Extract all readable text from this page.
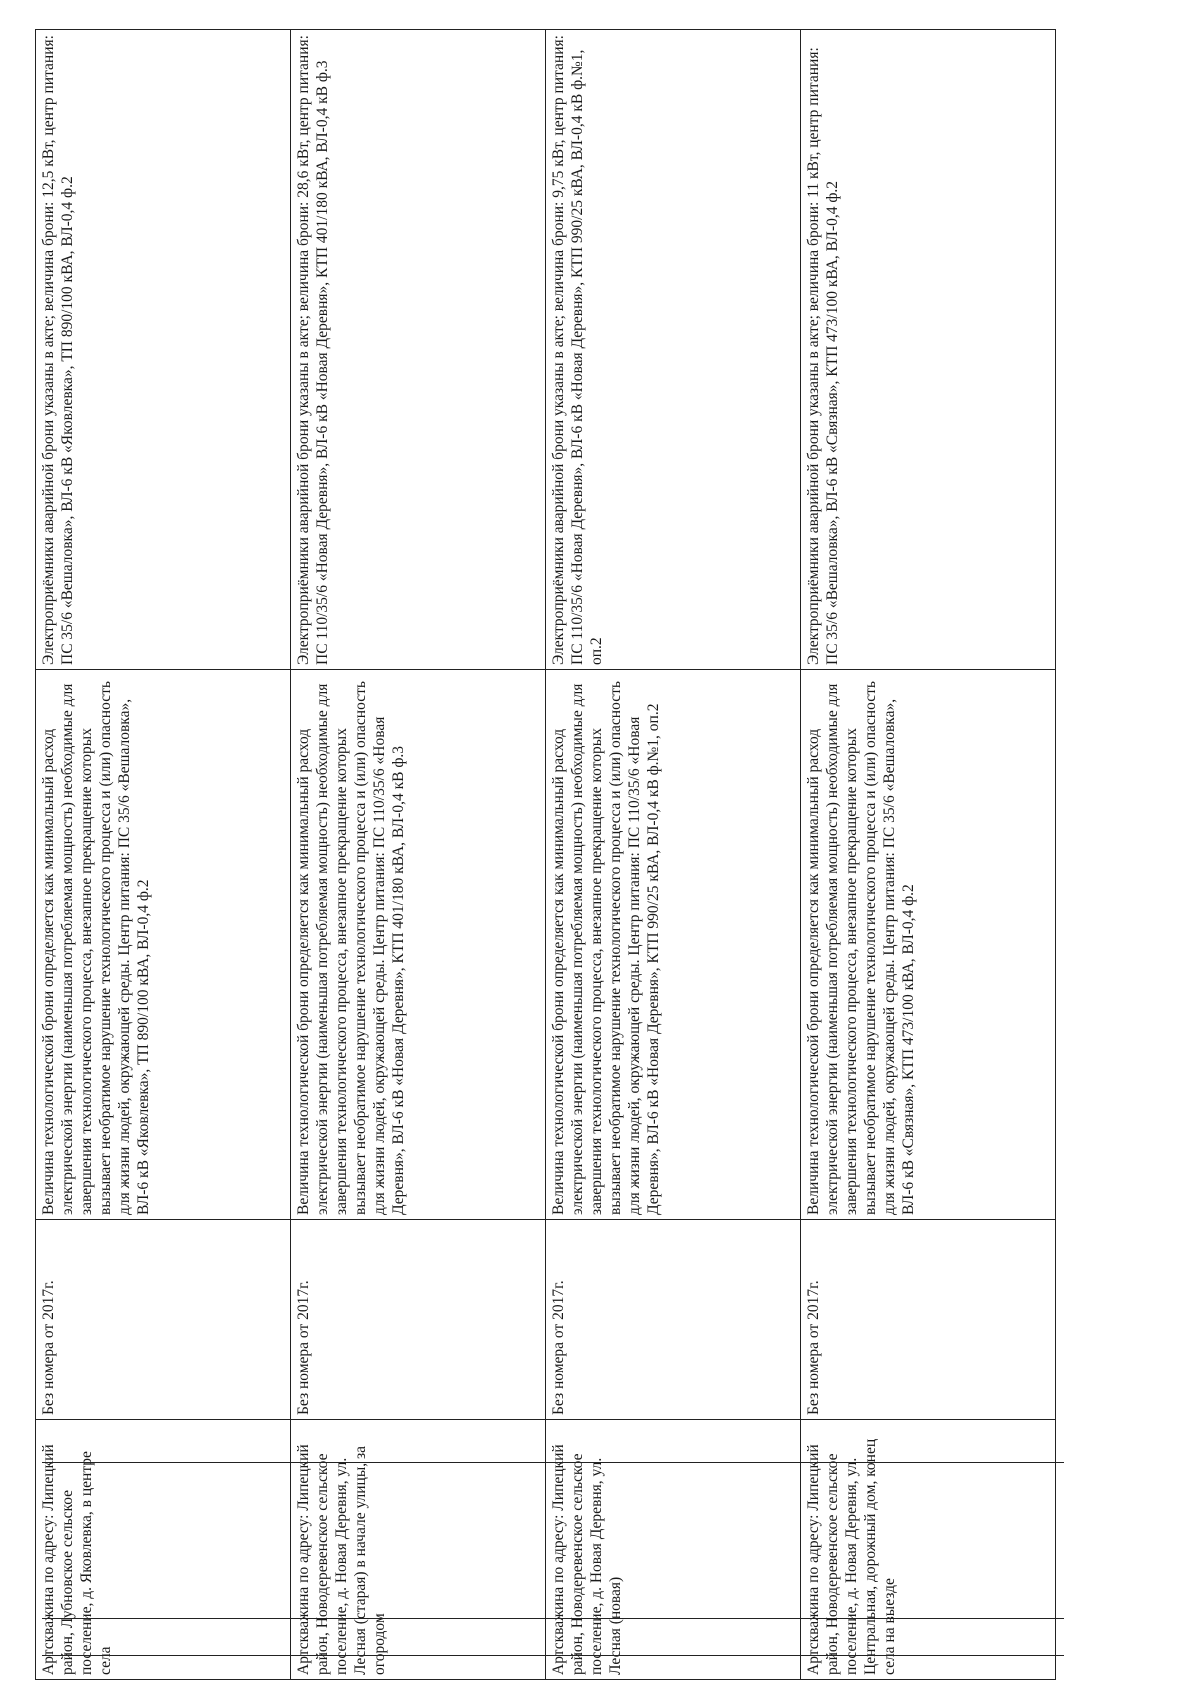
Артскважина по адресу: Липецкий район, Лубновское сельское поселение, д. Яковлевка, в центре села	Без номера от 2017г.	Величина технологической брони определяется как минимальный расход электрической энергии (наименьшая потребляемая мощность) необходимые для завершения технологического процесса, внезапное прекращение которых вызывает необратимое нарушение технологического процесса и (или) опасность для жизни людей, окружающей среды. Центр питания: ПС 35/6 «Вешаловка», ВЛ-6 кВ «Яковлевка», ТП 890/100 кВА, ВЛ-0,4 ф.2	Электроприёмники аварийной брони указаны в акте; величина брони: 12,5 кВт, центр питания: ПС 35/6 «Вешаловка», ВЛ-6 кВ «Яковлевка», ТП 890/100 кВА, ВЛ-0,4 ф.2
Артскважина по адресу: Липецкий район, Новодеревенское сельское поселение, д. Новая Деревня, ул. Лесная (старая) в начале улицы, за огородом	Без номера от 2017г.	Величина технологической брони определяется как минимальный расход электрической энергии (наименьшая потребляемая мощность) необходимые для завершения технологического процесса, внезапное прекращение которых вызывает необратимое нарушение технологического процесса и (или) опасность для жизни людей, окружающей среды. Центр питания: ПС 110/35/6 «Новая Деревня», ВЛ-6 кВ «Новая Деревня», КТП 401/180 кВА, ВЛ-0,4 кВ ф.3	Электроприёмники аварийной брони указаны в акте; величина брони: 28,6 кВт, центр питания: ПС 110/35/6 «Новая Деревня», ВЛ-6 кВ «Новая Деревня», КТП 401/180 кВА, ВЛ-0,4 кВ ф.3
Артскважина по адресу: Липецкий район, Новодеревенское сельское поселение, д. Новая Деревня, ул. Лесная (новая)	Без номера от 2017г.	Величина технологической брони определяется как минимальный расход электрической энергии (наименьшая потребляемая мощность) необходимые для завершения технологического процесса, внезапное прекращение которых вызывает необратимое нарушение технологического процесса и (или) опасность для жизни людей, окружающей среды. Центр питания: ПС 110/35/6 «Новая Деревня», ВЛ-6 кВ «Новая Деревня», КТП 990/25 кВА, ВЛ-0,4 кВ ф.№1, оп.2	Электроприёмники аварийной брони указаны в акте; величина брони: 9,75 кВт, центр питания: ПС 110/35/6 «Новая Деревня», ВЛ-6 кВ «Новая Деревня», КТП 990/25 кВА, ВЛ-0,4 кВ ф.№1, оп.2
Артскважина по адресу: Липецкий район, Новодеревенское сельское поселение, д. Новая Деревня, ул. Центральная, дорожный дом, конец села на выезде	Без номера от 2017г.	Величина технологической брони определяется как минимальный расход электрической энергии (наименьшая потребляемая мощность) необходимые для завершения технологического процесса, внезапное прекращение которых вызывает необратимое нарушение технологического процесса и (или) опасность для жизни людей, окружающей среды. Центр питания: ПС 35/6 «Вешаловка», ВЛ-6 кВ «Связная», КТП 473/100 кВА, ВЛ-0,4 ф.2	Электроприёмники аварийной брони указаны в акте; величина брони: 11 кВт, центр питания: ПС 35/6 «Вешаловка», ВЛ-6 кВ «Связная», КТП 473/100 кВА, ВЛ-0,4 ф.2
